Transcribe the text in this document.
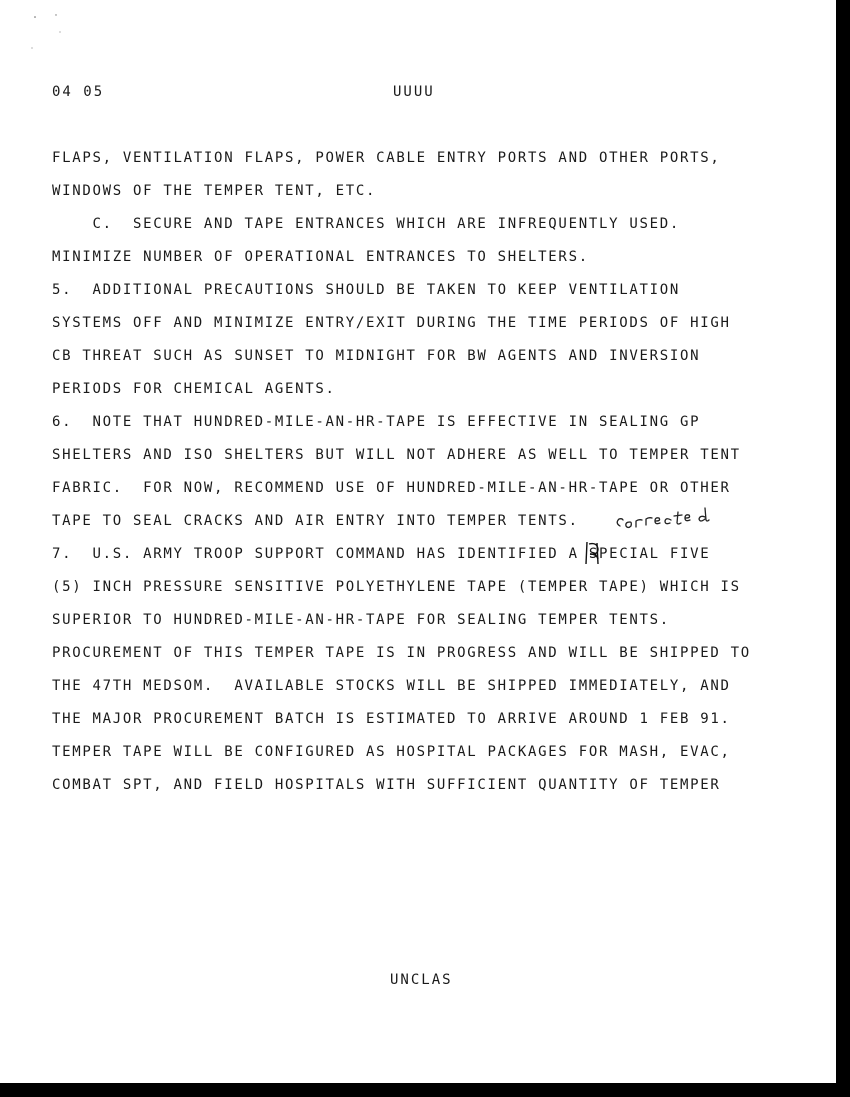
04 05	UUUU
FLAPS, VENTILATION FLAPS, POWER CABLE ENTRY PORTS AND OTHER PORTS,
WINDOWS OF THE TEMPER TENT, ETC.
C.  SECURE AND TAPE ENTRANCES WHICH ARE INFREQUENTLY USED.
MINIMIZE NUMBER OF OPERATIONAL ENTRANCES TO SHELTERS.
5.  ADDITIONAL PRECAUTIONS SHOULD BE TAKEN TO KEEP VENTILATION
SYSTEMS OFF AND MINIMIZE ENTRY/EXIT DURING THE TIME PERIODS OF HIGH
CB THREAT SUCH AS SUNSET TO MIDNIGHT FOR BW AGENTS AND INVERSION
PERIODS FOR CHEMICAL AGENTS.
6.  NOTE THAT HUNDRED-MILE-AN-HR-TAPE IS EFFECTIVE IN SEALING GP
SHELTERS AND ISO SHELTERS BUT WILL NOT ADHERE AS WELL TO TEMPER TENT
FABRIC.  FOR NOW, RECOMMEND USE OF HUNDRED-MILE-AN-HR-TAPE OR OTHER
TAPE TO SEAL CRACKS AND AIR ENTRY INTO TEMPER TENTS.
7.  U.S. ARMY TROOP SUPPORT COMMAND HAS IDENTIFIED A SPECIAL FIVE
(5) INCH PRESSURE SENSITIVE POLYETHYLENE TAPE (TEMPER TAPE) WHICH IS
SUPERIOR TO HUNDRED-MILE-AN-HR-TAPE FOR SEALING TEMPER TENTS.
PROCUREMENT OF THIS TEMPER TAPE IS IN PROGRESS AND WILL BE SHIPPED TO
THE 47TH MEDSOM.  AVAILABLE STOCKS WILL BE SHIPPED IMMEDIATELY, AND
THE MAJOR PROCUREMENT BATCH IS ESTIMATED TO ARRIVE AROUND 1 FEB 91.
TEMPER TAPE WILL BE CONFIGURED AS HOSPITAL PACKAGES FOR MASH, EVAC,
COMBAT SPT, AND FIELD HOSPITALS WITH SUFFICIENT QUANTITY OF TEMPER
UNCLAS
